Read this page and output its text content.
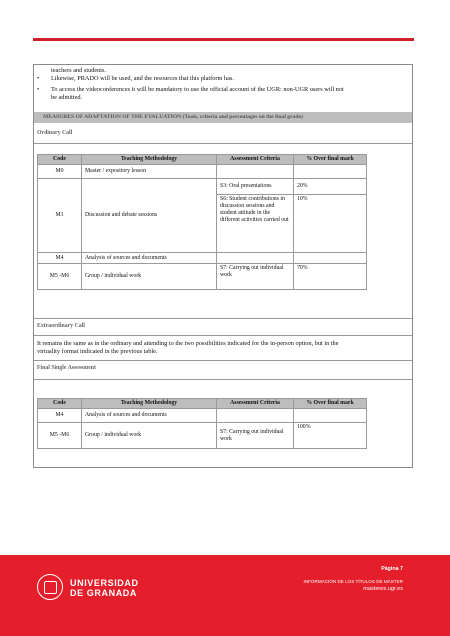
teachers and students.
• Likewise, PRADO will be used, and the resources that this platform has.
• To access the videoconferences it will be mandatory to use the official account of the UGR: non-UGR users will not
be admitted.
MEASURES OF ADAPTATION OF THE EVALUATION (Tools, criteria and percentages on the final grade)
Ordinary Call
Code	Teaching Methodology	Assessment Criteria	% Over final mark
M0	Master / expository lesson		
M1	Discussion and debate sessions	S3: Oral presentations	20%
		S6: Student contributions in discussion sessions and student attitude in the different activities carried out	10%
M4	Analysis of sources and documents		
M5 -M6	Group / individual work	S7: Carrying out individual work	70%
Extraordinary Call
It remains the same as in the ordinary and attending to the two possibilities indicated for the in-person option, but in the
virtuality format indicated in the previous table.
Final Single Assessment
Code	Teaching Methodology	Assessment Criteria	% Over final mark
M4	Analysis of sources and documents		
M5 -M6	Group / individual work	S7: Carrying out individual work	100%
UNIVERSIDAD
DE GRANADA
Página 7
INFORMACIÓN DE LOS TÍTULOS DE MÁSTER
masteres.ugr.es
